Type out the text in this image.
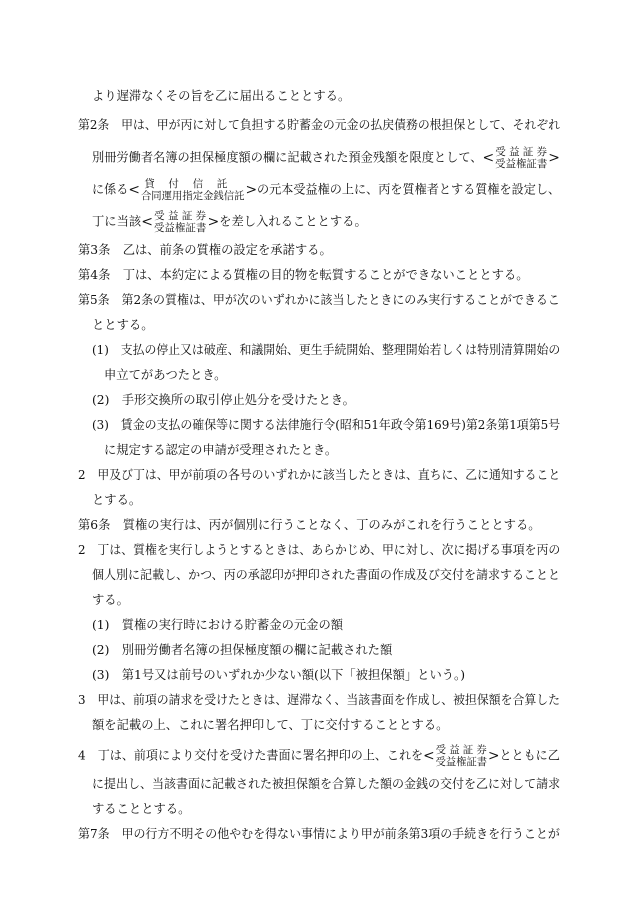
より遅滞なくその旨を乙に届出ることとする。
第2条　甲は、甲が丙に対して負担する貯蓄金の元金の払戻債務の根担保として、それぞれ
別冊労働者名簿の担保極度額の欄に記載された預金残額を限度として、< 受 益 証 券
受益権証書 >
に係る< 貸付信託
合同運用指定金銭信託 >の元本受益権の上に、丙を質権者とする質権を設定し、
丁に当該< 受 益 証 券
受益権証書 >を差し入れることとする。
第3条　乙は、前条の質権の設定を承諾する。
第4条　丁は、本約定による質権の目的物を転質することができないこととする。
第5条　第2条の質権は、甲が次のいずれかに該当したときにのみ実行することができるこ
ととする。
(1)　支払の停止又は破産、和議開始、更生手続開始、整理開始若しくは特別清算開始の
申立てがあつたとき。
(2)　手形交換所の取引停止処分を受けたとき。
(3)　賃金の支払の確保等に関する法律施行令(昭和51年政令第169号)第2条第1項第5号
に規定する認定の申請が受理されたとき。
2　甲及び丁は、甲が前項の各号のいずれかに該当したときは、直ちに、乙に通知すること
とする。
第6条　質権の実行は、丙が個別に行うことなく、丁のみがこれを行うこととする。
2　丁は、質権を実行しようとするときは、あらかじめ、甲に対し、次に掲げる事項を丙の
個人別に記載し、かつ、丙の承認印が押印された書面の作成及び交付を請求することと
する。
(1)　質権の実行時における貯蓄金の元金の額
(2)　別冊労働者名簿の担保極度額の欄に記載された額
(3)　第1号又は前号のいずれか少ない額(以下「被担保額」という。)
3　甲は、前項の請求を受けたときは、遅滞なく、当該書面を作成し、被担保額を合算した
額を記載の上、これに署名押印して、丁に交付することとする。
4　丁は、前項により交付を受けた書面に署名押印の上、これを< 受 益 証 券
受益権証書 >とともに乙
に提出し、当該書面に記載された被担保額を合算した額の金銭の交付を乙に対して請求
することとする。
第7条　甲の行方不明その他やむを得ない事情により甲が前条第3項の手続きを行うことが
